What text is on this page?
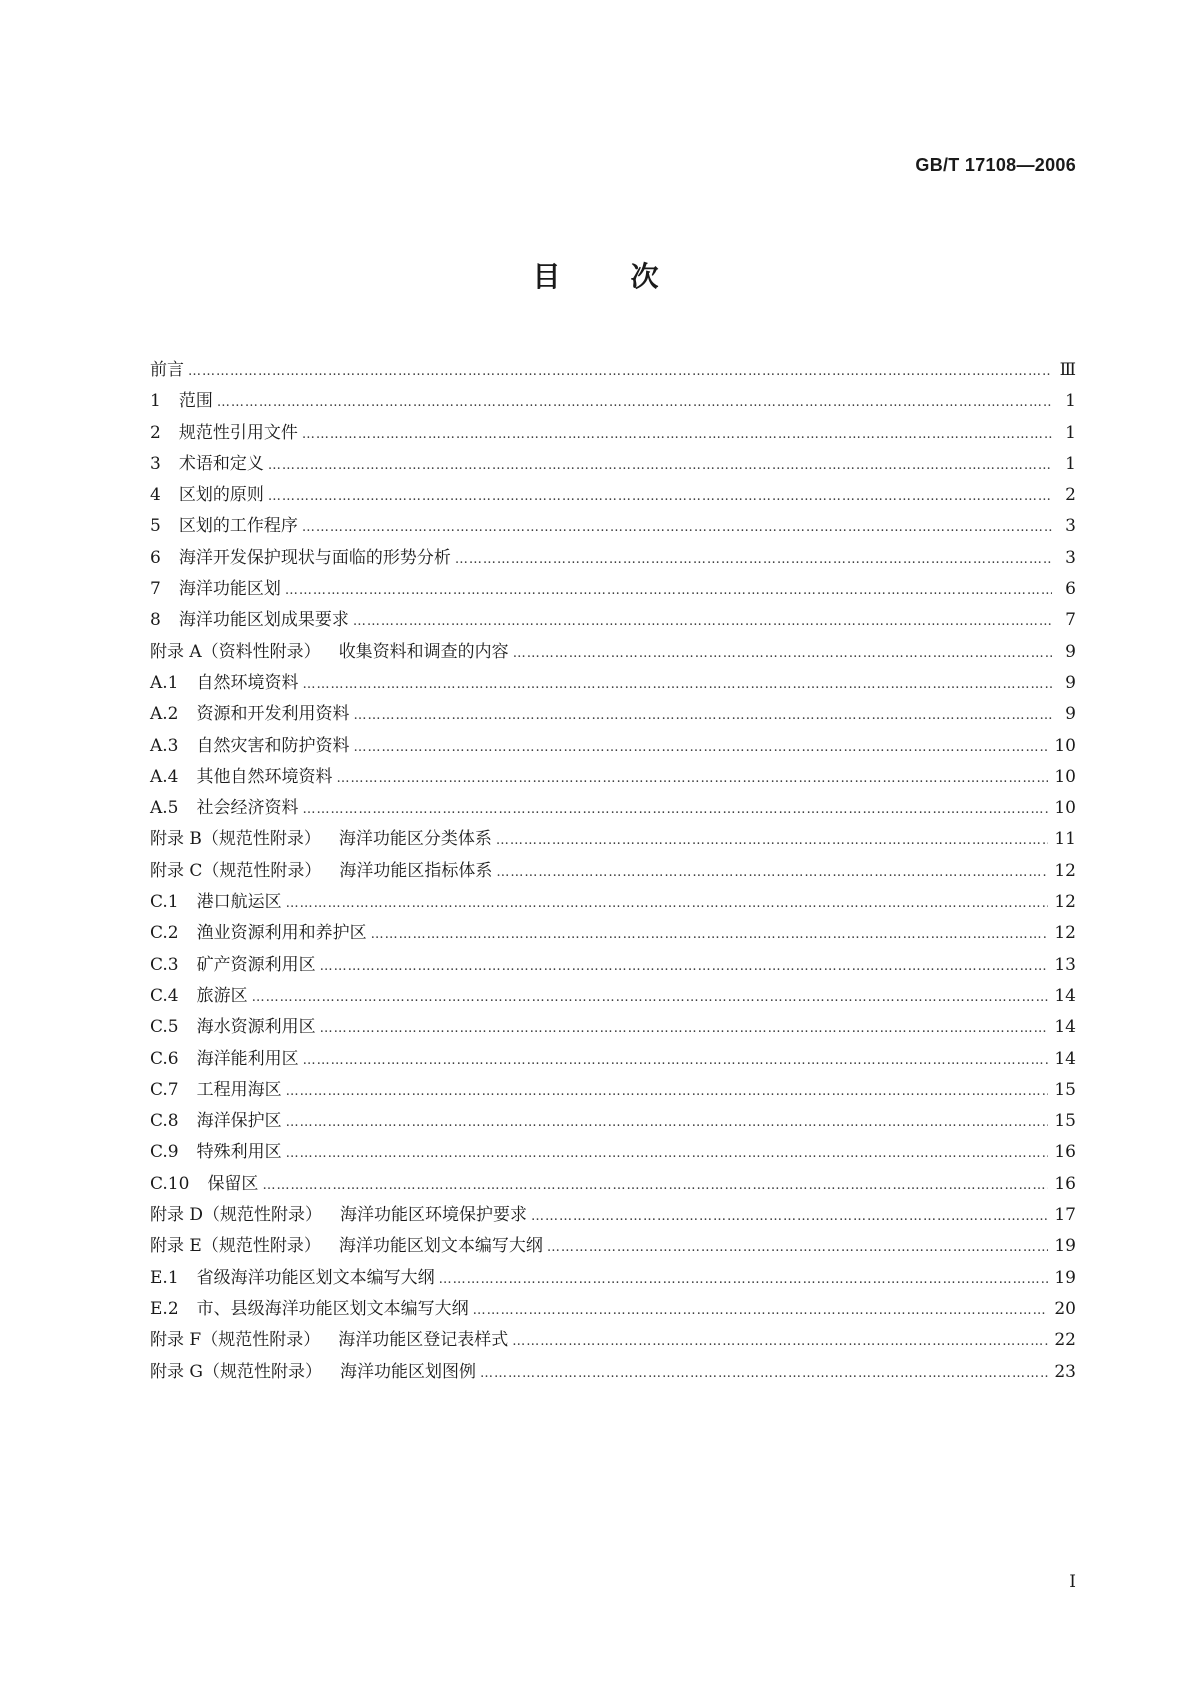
GB/T 17108—2006
目	次
前言 ……………………………………………………………………………………………………………………………………………………………………………………………………………………………………	Ⅲ
1 范围 ……………………………………………………………………………………………………………………………………………………………………………………………………………………………………	1
2 规范性引用文件 ……………………………………………………………………………………………………………………………………………………………………………………………………………………………………	1
3 术语和定义 ……………………………………………………………………………………………………………………………………………………………………………………………………………………………………	1
4 区划的原则 ……………………………………………………………………………………………………………………………………………………………………………………………………………………………………	2
5 区划的工作程序 ……………………………………………………………………………………………………………………………………………………………………………………………………………………………………	3
6 海洋开发保护现状与面临的形势分析 ……………………………………………………………………………………………………………………………………………………………………………………………………………………………………	3
7 海洋功能区划 ……………………………………………………………………………………………………………………………………………………………………………………………………………………………………	6
8 海洋功能区划成果要求 ……………………………………………………………………………………………………………………………………………………………………………………………………………………………………	7
附录 A（资料性附录） 收集资料和调查的内容 ……………………………………………………………………………………………………………………………………………………………………………………………………………………………………	9
A.1 自然环境资料 ……………………………………………………………………………………………………………………………………………………………………………………………………………………………………	9
A.2 资源和开发利用资料 ……………………………………………………………………………………………………………………………………………………………………………………………………………………………………	9
A.3 自然灾害和防护资料 ……………………………………………………………………………………………………………………………………………………………………………………………………………………………………	10
A.4 其他自然环境资料 ……………………………………………………………………………………………………………………………………………………………………………………………………………………………………	10
A.5 社会经济资料 ……………………………………………………………………………………………………………………………………………………………………………………………………………………………………	10
附录 B（规范性附录） 海洋功能区分类体系 ……………………………………………………………………………………………………………………………………………………………………………………………………………………………………	11
附录 C（规范性附录） 海洋功能区指标体系 ……………………………………………………………………………………………………………………………………………………………………………………………………………………………………	12
C.1 港口航运区 ……………………………………………………………………………………………………………………………………………………………………………………………………………………………………	12
C.2 渔业资源利用和养护区 ……………………………………………………………………………………………………………………………………………………………………………………………………………………………………	12
C.3 矿产资源利用区 ……………………………………………………………………………………………………………………………………………………………………………………………………………………………………	13
C.4 旅游区 ……………………………………………………………………………………………………………………………………………………………………………………………………………………………………	14
C.5 海水资源利用区 ……………………………………………………………………………………………………………………………………………………………………………………………………………………………………	14
C.6 海洋能利用区 ……………………………………………………………………………………………………………………………………………………………………………………………………………………………………	14
C.7 工程用海区 ……………………………………………………………………………………………………………………………………………………………………………………………………………………………………	15
C.8 海洋保护区 ……………………………………………………………………………………………………………………………………………………………………………………………………………………………………	15
C.9 特殊利用区 ……………………………………………………………………………………………………………………………………………………………………………………………………………………………………	16
C.10 保留区 ……………………………………………………………………………………………………………………………………………………………………………………………………………………………………	16
附录 D（规范性附录） 海洋功能区环境保护要求 ……………………………………………………………………………………………………………………………………………………………………………………………………………………………………	17
附录 E（规范性附录） 海洋功能区划文本编写大纲 ……………………………………………………………………………………………………………………………………………………………………………………………………………………………………	19
E.1 省级海洋功能区划文本编写大纲 ……………………………………………………………………………………………………………………………………………………………………………………………………………………………………	19
E.2 市、县级海洋功能区划文本编写大纲 ……………………………………………………………………………………………………………………………………………………………………………………………………………………………………	20
附录 F（规范性附录） 海洋功能区登记表样式 ……………………………………………………………………………………………………………………………………………………………………………………………………………………………………	22
附录 G（规范性附录） 海洋功能区划图例 ……………………………………………………………………………………………………………………………………………………………………………………………………………………………………	23
I
